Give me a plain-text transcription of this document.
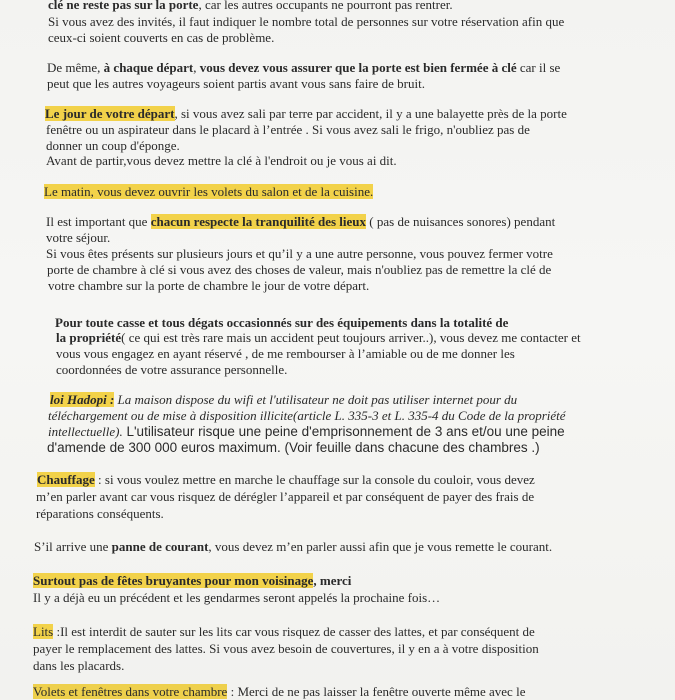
clé ne reste pas sur la porte, car les autres occupants ne pourront pas rentrer.
Si vous avez des invités, il faut indiquer le nombre total de personnes sur votre réservation afin que
ceux-ci soient couverts en cas de problème.
De même, à chaque départ, vous devez vous assurer que la porte est bien fermée à clé car il se
peut que les autres voyageurs soient partis avant vous sans faire de bruit.
Le jour de votre départ, si vous avez sali par terre par accident, il y a une balayette près de la porte
fenêtre ou un aspirateur dans le placard à l’entrée . Si vous avez sali le frigo, n'oubliez pas de
donner un coup d'éponge.
Avant de partir,vous devez mettre la clé à l'endroit ou je vous ai dit.
Le matin, vous devez ouvrir les volets du salon et de la cuisine.
Il est important que chacun respecte la tranquilité des lieux ( pas de nuisances sonores) pendant
votre séjour.
Si vous êtes présents sur plusieurs jours et qu’il y a une autre personne, vous pouvez fermer votre
porte de chambre à clé si vous avez des choses de valeur, mais n'oubliez pas de remettre la clé de
votre chambre sur la porte de chambre le jour de votre départ.
Pour toute casse et tous dégats occasionnés sur des équipements dans la totalité de
la propriété( ce qui est très rare mais un accident peut toujours arriver..), vous devez me contacter et
vous vous engagez en ayant réservé , de me rembourser à l’amiable ou de me donner les
coordonnées de votre assurance personnelle.
loi Hadopi : La maison dispose du wifi et l'utilisateur ne doit pas utiliser internet pour du
téléchargement ou de mise à disposition illicite(article L. 335-3 et L. 335-4 du Code de la propriété
intellectuelle). L'utilisateur risque une peine d'emprisonnement de 3 ans et/ou une peine
d'amende de 300 000 euros maximum. (Voir feuille dans chacune des chambres .)
Chauffage : si vous voulez mettre en marche le chauffage sur la console du couloir, vous devez
m’en parler avant car vous risquez de dérégler l’appareil et par conséquent de payer des frais de
réparations conséquents.
S’il arrive une panne de courant, vous devez m’en parler aussi afin que je vous remette le courant.
Surtout pas de fêtes bruyantes pour mon voisinage, merci
Il y a déjà eu un précédent et les gendarmes seront appelés la prochaine fois…
Lits :Il est interdit de sauter sur les lits car vous risquez de casser des lattes, et par conséquent de
payer le remplacement des lattes. Si vous avez besoin de couvertures, il y en a à votre disposition
dans les placards.
Volets et fenêtres dans votre chambre : Merci de ne pas laisser la fenêtre ouverte même avec le
